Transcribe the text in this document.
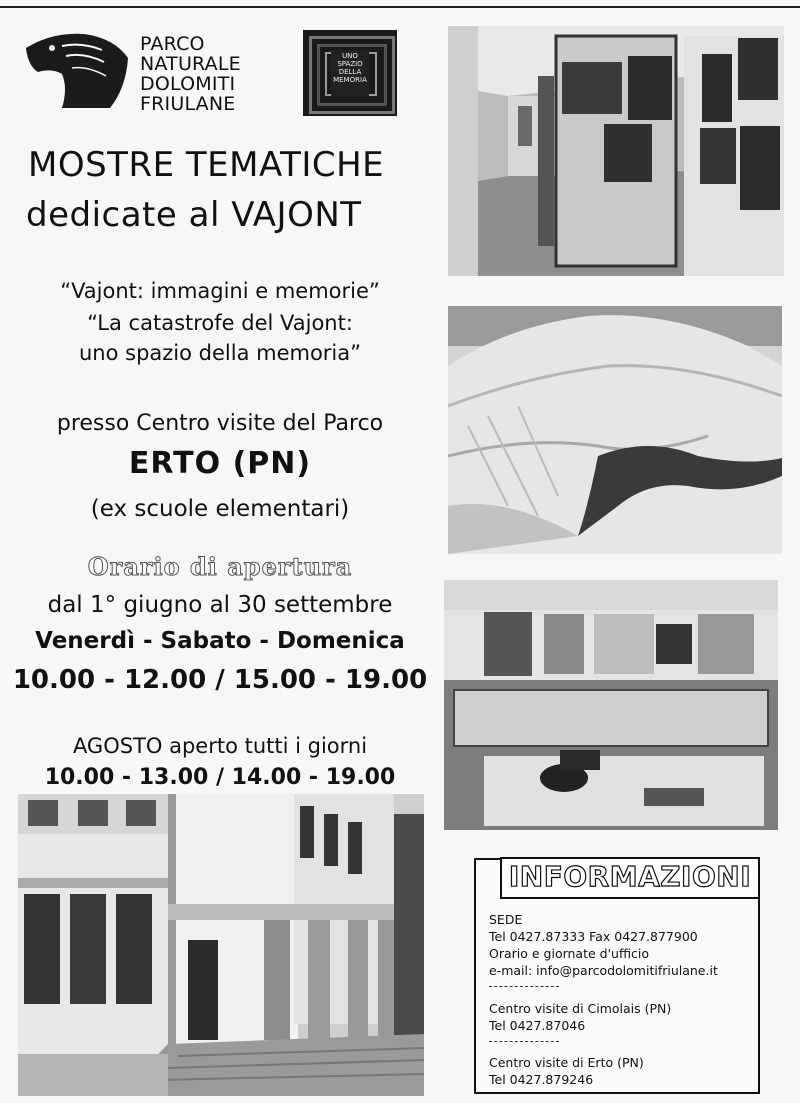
PARCO
NATURALE
DOLOMITI
FRIULANE
UNO
SPAZIO
DELLA
MEMORIA
MOSTRE TEMATICHE
dedicate al VAJONT
“Vajont: immagini e memorie”
“La catastrofe del Vajont:
uno spazio della memoria”
presso Centro visite del Parco
ERTO (PN)
(ex scuole elementari)
Orario di apertura
dal 1° giugno al 30 settembre
Venerdì - Sabato - Domenica
10.00 - 12.00 / 15.00 - 19.00
AGOSTO aperto tutti i giorni
10.00 - 13.00 / 14.00 - 19.00
INFORMAZIONI
SEDE
Tel 0427.87333 Fax 0427.877900
Orario e giornate d'ufficio
e-mail: info@parcodolomitifriulane.it
Centro visite di Cimolais (PN)
Tel 0427.87046
Centro visite di Erto (PN)
Tel 0427.879246
